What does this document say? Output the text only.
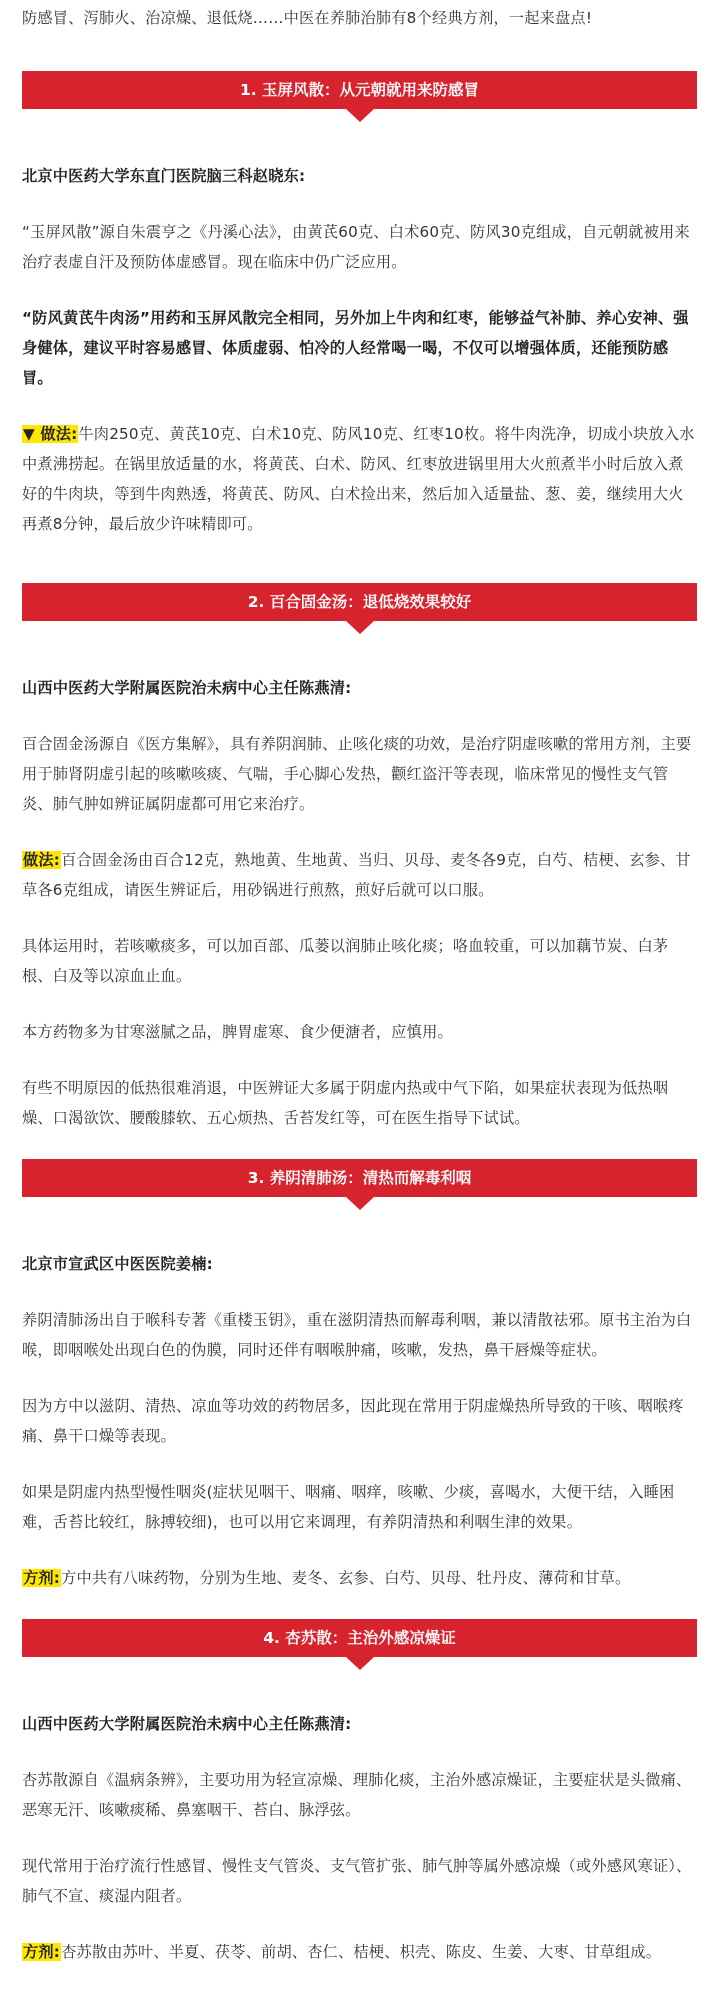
防感冒、泻肺火、治凉燥、退低烧……中医在养肺治肺有8个经典方剂，一起来盘点!

1. 玉屏风散：从元朝就用来防感冒

北京中医药大学东直门医院脑三科赵晓东:

“玉屏风散”源自朱震亨之《丹溪心法》，由黄芪60克、白术60克、防风30克组成，自元朝就被用来治疗表虚自汗及预防体虚感冒。现在临床中仍广泛应用。

“防风黄芪牛肉汤”用药和玉屏风散完全相同，另外加上牛肉和红枣，能够益气补肺、养心安神、强身健体，建议平时容易感冒、体质虚弱、怕冷的人经常喝一喝，不仅可以增强体质，还能预防感冒。

▼ 做法:牛肉250克、黄芪10克、白术10克、防风10克、红枣10枚。将牛肉洗净，切成小块放入水中煮沸捞起。在锅里放适量的水，将黄芪、白术、防风、红枣放进锅里用大火煎煮半小时后放入煮好的牛肉块，等到牛肉熟透，将黄芪、防风、白术捡出来，然后加入适量盐、葱、姜，继续用大火再煮8分钟，最后放少许味精即可。

2. 百合固金汤：退低烧效果较好

山西中医药大学附属医院治未病中心主任陈燕清:

百合固金汤源自《医方集解》，具有养阴润肺、止咳化痰的功效，是治疗阴虚咳嗽的常用方剂，主要用于肺肾阴虚引起的咳嗽咳痰、气喘，手心脚心发热，颧红盗汗等表现，临床常见的慢性支气管炎、肺气肿如辨证属阴虚都可用它来治疗。

做法:百合固金汤由百合12克，熟地黄、生地黄、当归、贝母、麦冬各9克，白芍、桔梗、玄参、甘草各6克组成，请医生辨证后，用砂锅进行煎熬，煎好后就可以口服。

具体运用时，若咳嗽痰多，可以加百部、瓜蒌以润肺止咳化痰；咯血较重，可以加藕节炭、白茅根、白及等以凉血止血。

本方药物多为甘寒滋腻之品，脾胃虚寒、食少便溏者，应慎用。

有些不明原因的低热很难消退，中医辨证大多属于阴虚内热或中气下陷，如果症状表现为低热咽燥、口渴欲饮、腰酸膝软、五心烦热、舌苔发红等，可在医生指导下试试。

3. 养阴清肺汤：清热而解毒利咽

北京市宣武区中医医院姜楠:

养阴清肺汤出自于喉科专著《重楼玉钥》，重在滋阴清热而解毒利咽，兼以清散祛邪。原书主治为白喉，即咽喉处出现白色的伪膜，同时还伴有咽喉肿痛，咳嗽，发热，鼻干唇燥等症状。

因为方中以滋阴、清热、凉血等功效的药物居多，因此现在常用于阴虚燥热所导致的干咳、咽喉疼痛、鼻干口燥等表现。

如果是阴虚内热型慢性咽炎(症状见咽干、咽痛、咽痒，咳嗽、少痰，喜喝水，大便干结，入睡困难，舌苔比较红，脉搏较细)，也可以用它来调理，有养阴清热和利咽生津的效果。

方剂:方中共有八味药物，分别为生地、麦冬、玄参、白芍、贝母、牡丹皮、薄荷和甘草。

4. 杏苏散：主治外感凉燥证

山西中医药大学附属医院治未病中心主任陈燕清:

杏苏散源自《温病条辨》，主要功用为轻宣凉燥、理肺化痰，主治外感凉燥证，主要症状是头微痛、恶寒无汗、咳嗽痰稀、鼻塞咽干、苔白、脉浮弦。

现代常用于治疗流行性感冒、慢性支气管炎、支气管扩张、肺气肿等属外感凉燥（或外感风寒证）、肺气不宣、痰湿内阻者。

方剂:杏苏散由苏叶、半夏、茯苓、前胡、杏仁、桔梗、枳壳、陈皮、生姜、大枣、甘草组成。
